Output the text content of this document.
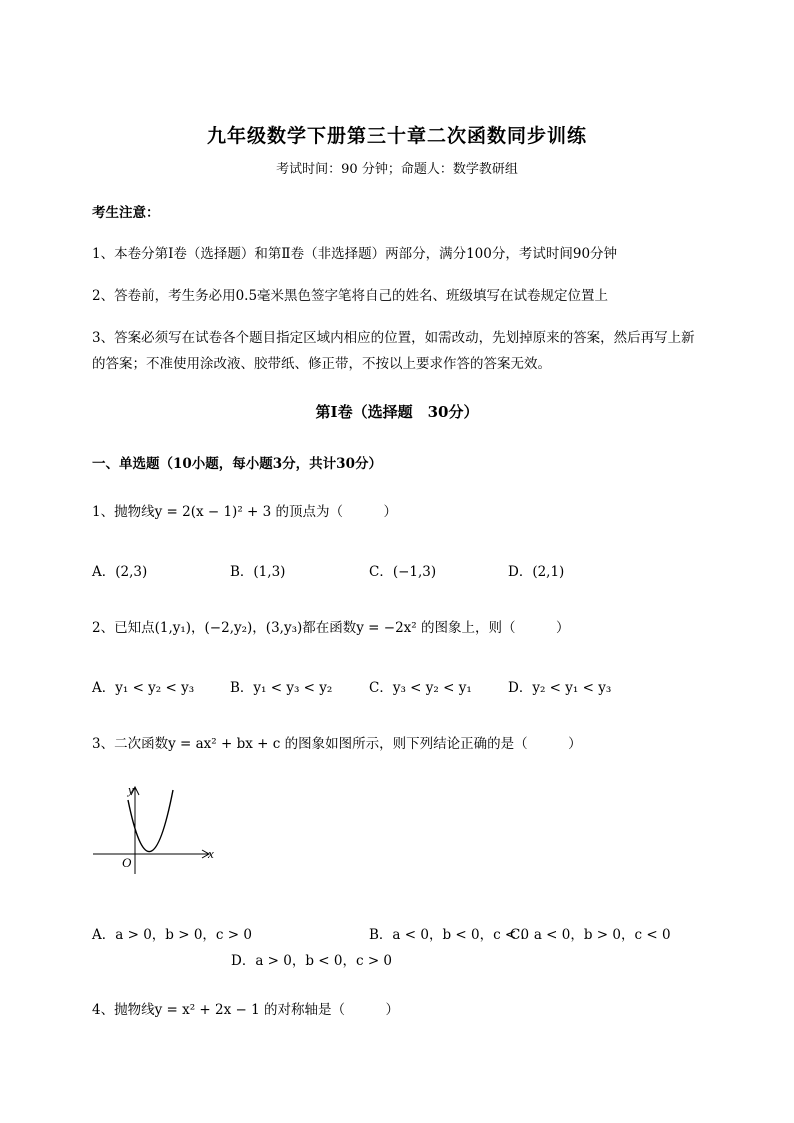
九年级数学下册第三十章二次函数同步训练
考试时间：90 分钟；命题人：数学教研组
考生注意：
1、本卷分第Ⅰ卷（选择题）和第Ⅱ卷（非选择题）两部分，满分100分，考试时间90分钟
2、答卷前，考生务必用0.5毫米黑色签字笔将自己的姓名、班级填写在试卷规定位置上
3、答案必须写在试卷各个题目指定区域内相应的位置，如需改动，先划掉原来的答案，然后再写上新
的答案；不准使用涂改液、胶带纸、修正带，不按以上要求作答的答案无效。
第Ⅰ卷（选择题　30分）
一、单选题（10小题，每小题3分，共计30分）
1、抛物线y = 2(x − 1)² + 3 的顶点为（　　　）
A．(2,3)	B．(1,3)	C．(−1,3)	D．(2,1)
2、已知点(1,y₁)，(−2,y₂)，(3,y₃)都在函数y = −2x² 的图象上，则（　　　）
A．y₁ < y₂ < y₃	B．y₁ < y₃ < y₂	C．y₃ < y₂ < y₁	D．y₂ < y₁ < y₃
3、二次函数y = ax² + bx + c 的图象如图所示，则下列结论正确的是（　　　）
y
x
O
A．a > 0，b > 0，c > 0	B．a < 0，b < 0，c < 0
C．a < 0，b > 0，c < 0
D．a > 0，b < 0，c > 0
4、抛物线y = x² + 2x − 1 的对称轴是（　　　）
